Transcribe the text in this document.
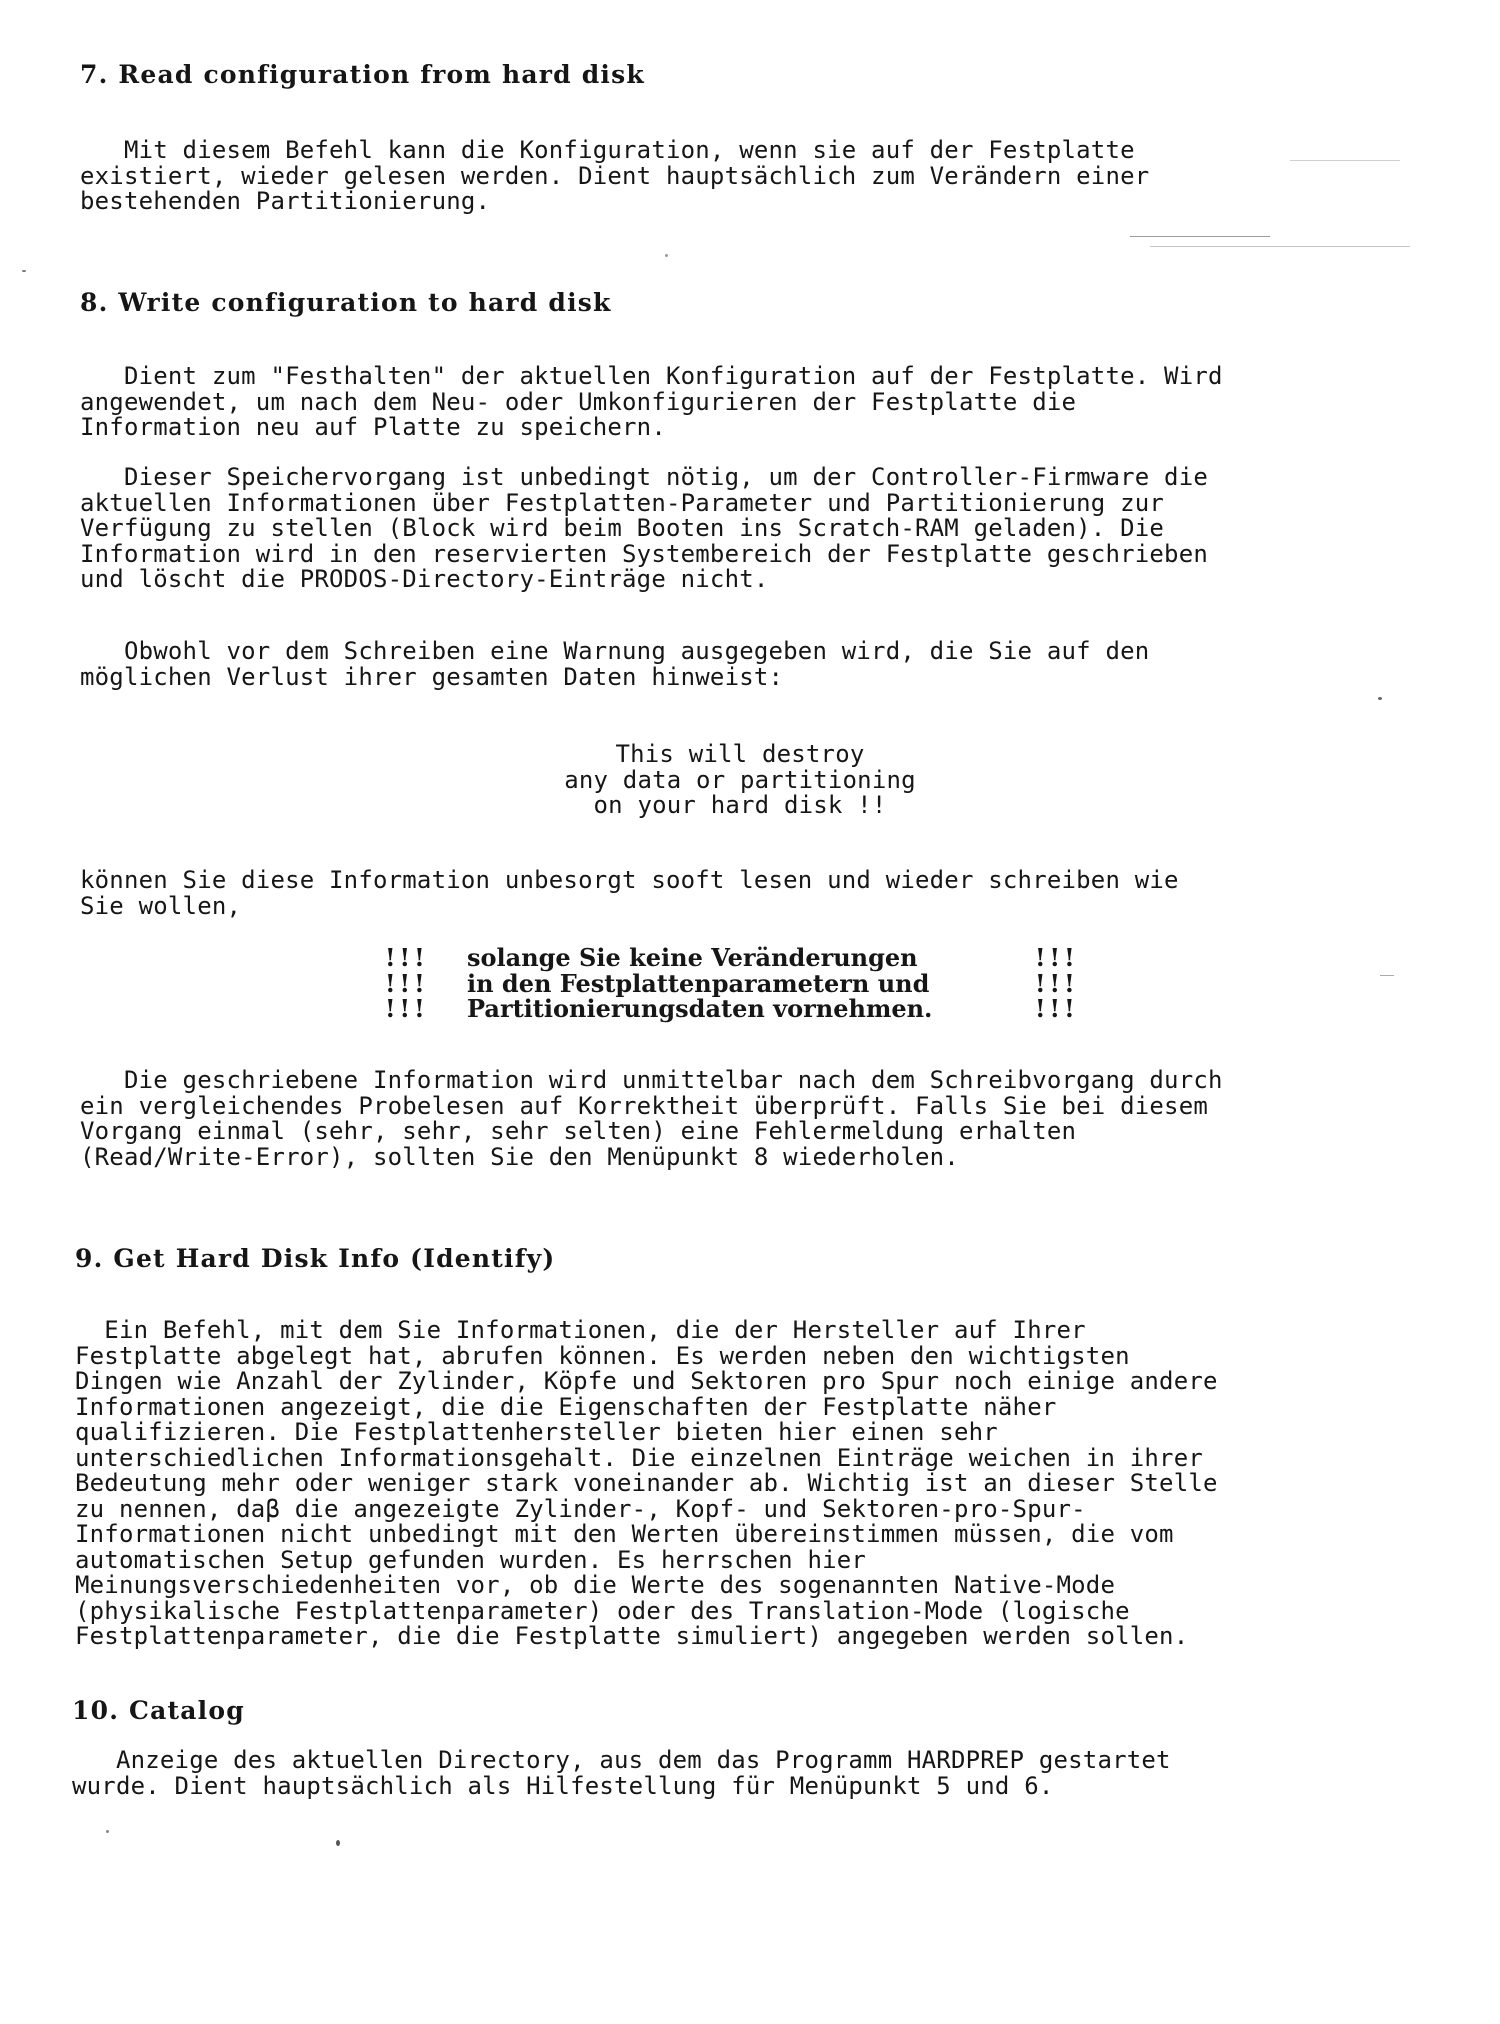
7. Read configuration from hard disk
Mit diesem Befehl kann die Konfiguration, wenn sie auf der Festplatte
existiert, wieder gelesen werden. Dient hauptsächlich zum Verändern einer
bestehenden Partitionierung.
8. Write configuration to hard disk
Dient zum "Festhalten" der aktuellen Konfiguration auf der Festplatte. Wird
angewendet, um nach dem Neu- oder Umkonfigurieren der Festplatte die
Information neu auf Platte zu speichern.
Dieser Speichervorgang ist unbedingt nötig, um der Controller-Firmware die
aktuellen Informationen über Festplatten-Parameter und Partitionierung zur
Verfügung zu stellen (Block wird beim Booten ins Scratch-RAM geladen). Die
Information wird in den reservierten Systembereich der Festplatte geschrieben
und löscht die PRODOS-Directory-Einträge nicht.
Obwohl vor dem Schreiben eine Warnung ausgegeben wird, die Sie auf den
möglichen Verlust ihrer gesamten Daten hinweist:
This will destroy
any data or partitioning
on your hard disk !!
können Sie diese Information unbesorgt sooft lesen und wieder schreiben wie
Sie wollen,
!!! solange Sie keine Veränderungen	!!!
!!! in den Festplattenparametern und	!!!
!!! Partitionierungsdaten vornehmen.	!!!
Die geschriebene Information wird unmittelbar nach dem Schreibvorgang durch
ein vergleichendes Probelesen auf Korrektheit überprüft. Falls Sie bei diesem
Vorgang einmal (sehr, sehr, sehr selten) eine Fehlermeldung erhalten
(Read/Write-Error), sollten Sie den Menüpunkt 8 wiederholen.
9. Get Hard Disk Info (Identify)
Ein Befehl, mit dem Sie Informationen, die der Hersteller auf Ihrer
Festplatte abgelegt hat, abrufen können. Es werden neben den wichtigsten
Dingen wie Anzahl der Zylinder, Köpfe und Sektoren pro Spur noch einige andere
Informationen angezeigt, die die Eigenschaften der Festplatte näher
qualifizieren. Die Festplattenhersteller bieten hier einen sehr
unterschiedlichen Informationsgehalt. Die einzelnen Einträge weichen in ihrer
Bedeutung mehr oder weniger stark voneinander ab. Wichtig ist an dieser Stelle
zu nennen, daβ die angezeigte Zylinder-, Kopf- und Sektoren-pro-Spur-
Informationen nicht unbedingt mit den Werten übereinstimmen müssen, die vom
automatischen Setup gefunden wurden. Es herrschen hier
Meinungsverschiedenheiten vor, ob die Werte des sogenannten Native-Mode
(physikalische Festplattenparameter) oder des Translation-Mode (logische
Festplattenparameter, die die Festplatte simuliert) angegeben werden sollen.
10. Catalog
Anzeige des aktuellen Directory, aus dem das Programm HARDPREP gestartet
wurde. Dient hauptsächlich als Hilfestellung für Menüpunkt 5 und 6.
